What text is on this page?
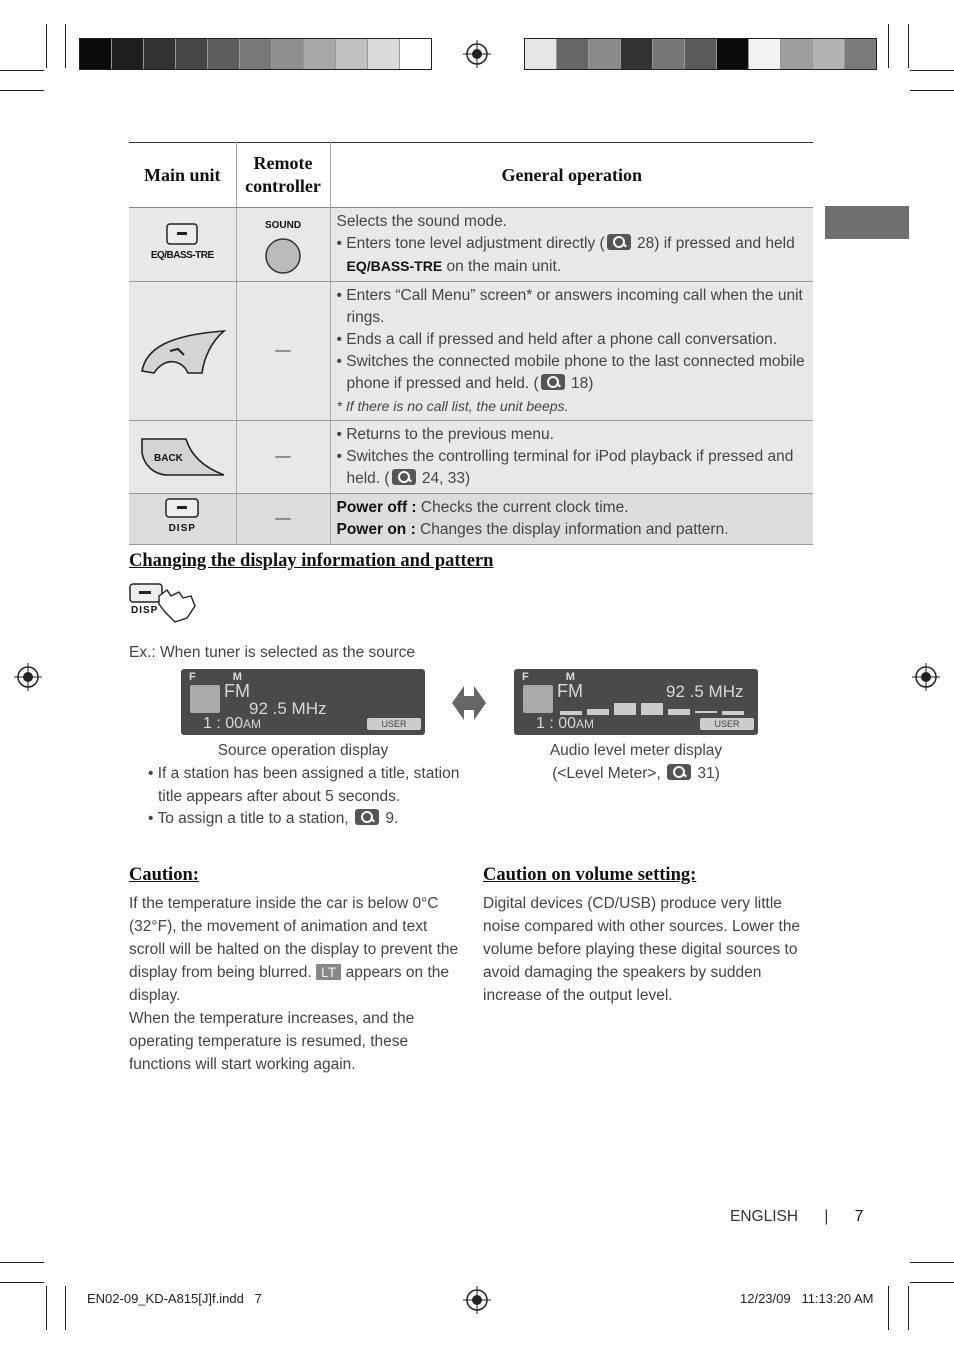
Main unit	Remote controller	General operation

EQ/BASS-TRE	SOUND	Selects the sound mode.
• Enters tone level adjustment directly ( 28) if pressed and held
EQ/BASS-TRE on the main unit.

	—	• Enters “Call Menu” screen* or answers incoming call when the unit rings.
• Ends a call if pressed and held after a phone call conversation.
• Switches the connected mobile phone to the last connected mobile phone if pressed and held. ( 18)
* If there is no call list, the unit beeps.

BACK	—	• Returns to the previous menu.
• Switches the controlling terminal for iPod playback if pressed and held. ( 24, 33)

DISP	—	Power off : Checks the current clock time.
Power on : Changes the display information and pattern.
Changing the display information and pattern
DISP
Ex.: When tuner is selected as the source
F M
FM
92 .5 MHz
1 : 00AM	USER
F M
FM	92 .5 MHz
1 : 00AM	USER
Source operation display
• If a station has been assigned a title, station title appears after about 5 seconds.
• To assign a title to a station, 9.
Audio level meter display
(<Level Meter>, 31)
Caution:
If the temperature inside the car is below 0°C (32°F), the movement of animation and text scroll will be halted on the display to prevent the display from being blurred. LT appears on the display.
When the temperature increases, and the operating temperature is resumed, these functions will start working again.
Caution on volume setting:
Digital devices (CD/USB) produce very little noise compared with other sources. Lower the volume before playing these digital sources to avoid damaging the speakers by sudden increase of the output level.
ENGLISH | 7
EN02-09_KD-A815[J]f.indd   7	12/23/09   11:13:20 AM
